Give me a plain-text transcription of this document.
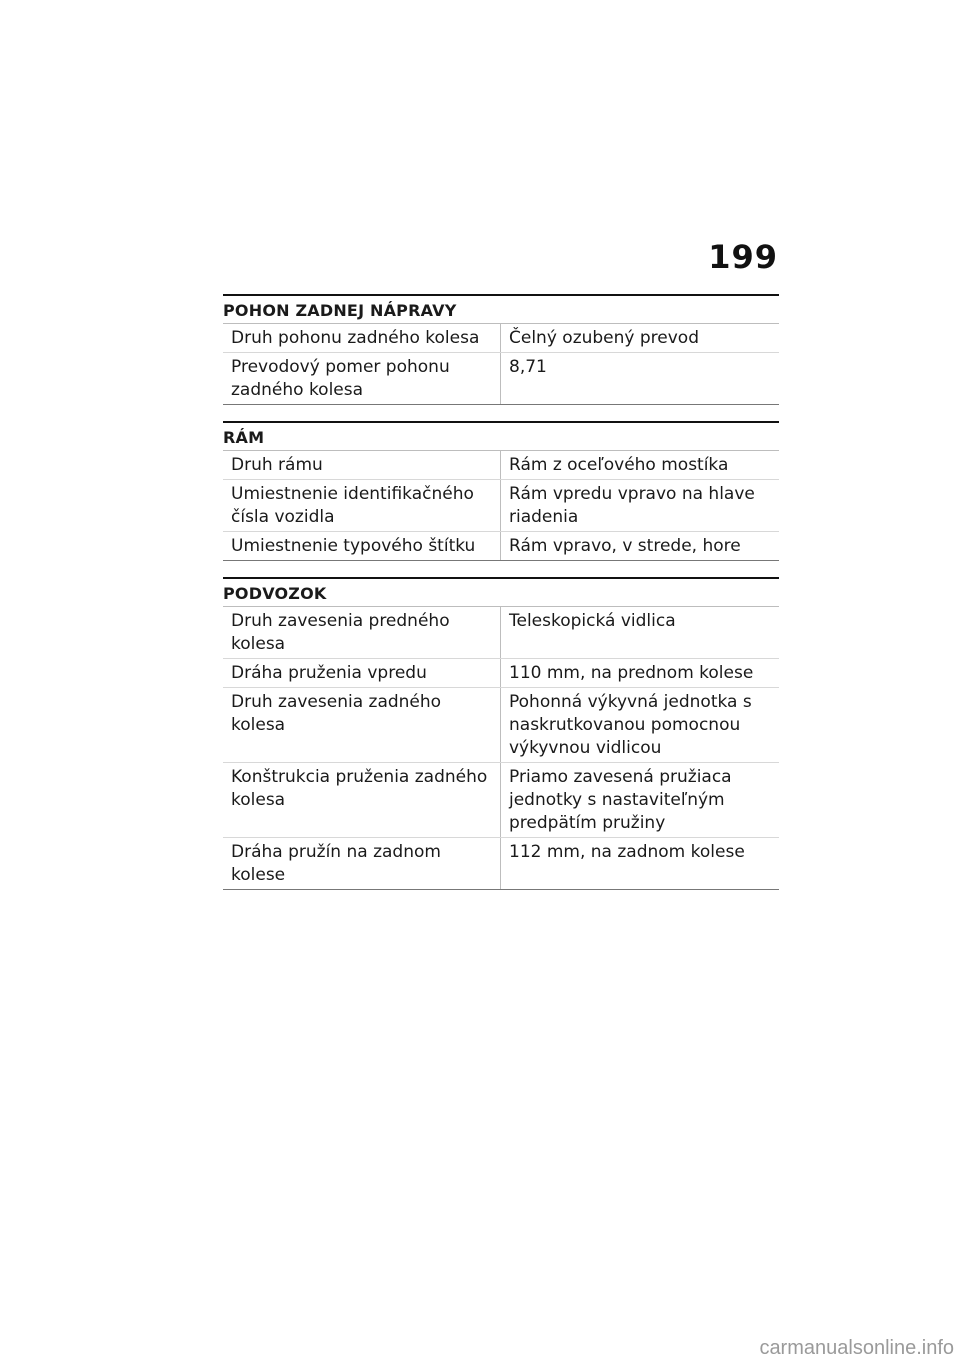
199
POHON ZADNEJ NÁPRAVY
Druh pohonu zadného kolesa	Čelný ozubený prevod
Prevodový pomer pohonu zadného kolesa	8,71
RÁM
Druh rámu	Rám z oceľového mostíka
Umiestnenie identifikačného čísla vozidla	Rám vpredu vpravo na hlave riadenia
Umiestnenie typového štítku	Rám vpravo, v strede, hore
PODVOZOK
Druh zavesenia predného kolesa	Teleskopická vidlica
Dráha pruženia vpredu	110 mm, na prednom kolese
Druh zavesenia zadného kolesa	Pohonná výkyvná jednotka s naskrutkovanou pomocnou výkyvnou vidlicou
Konštrukcia pruženia zadného kolesa	Priamo zavesená pružiaca jednotky s nastaviteľným predpätím pružiny
Dráha pružín na zadnom kolese	112 mm, na zadnom kolese
carmanualsonline.info
